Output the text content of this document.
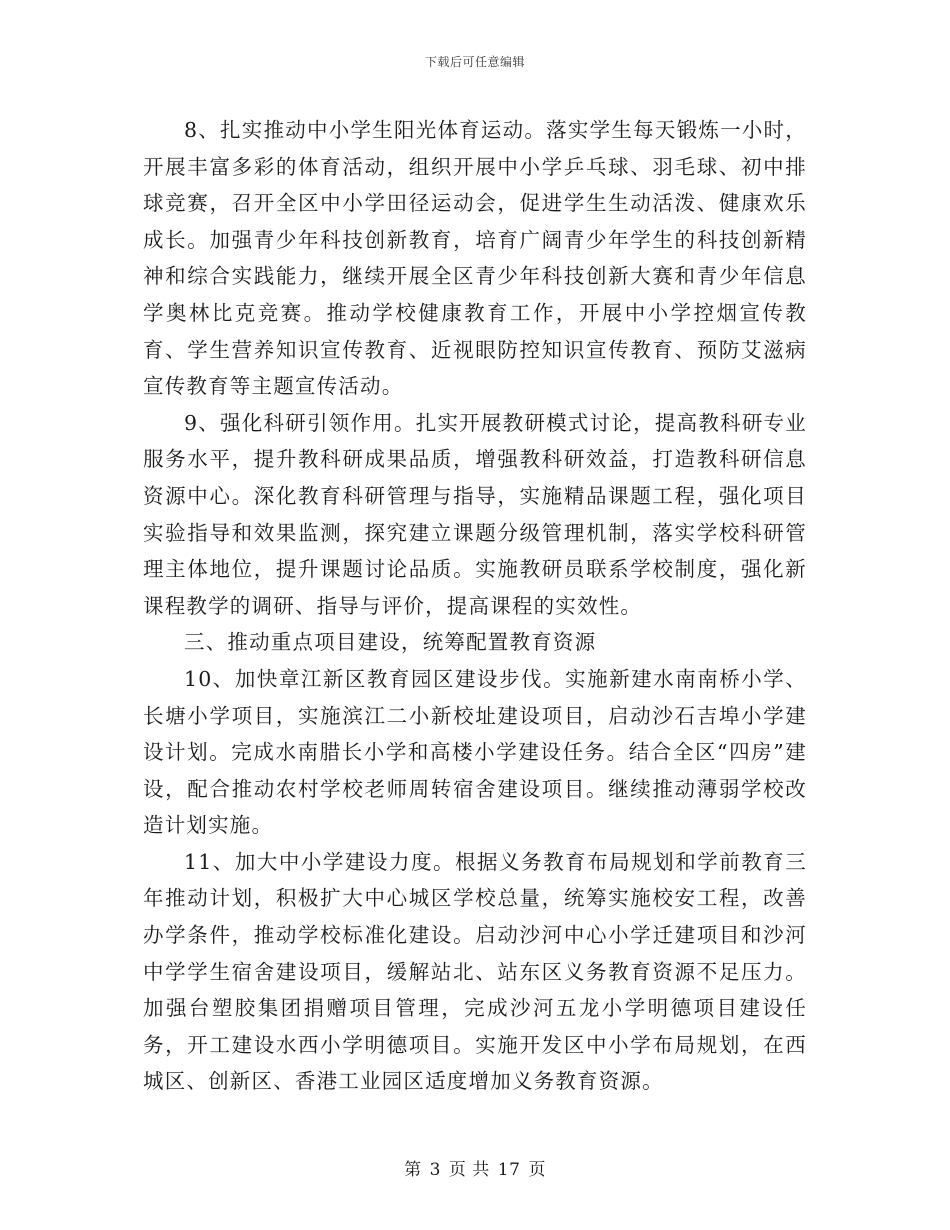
下载后可任意编辑

8、扎实推动中小学生阳光体育运动。落实学生每天锻炼一小时，开展丰富多彩的体育活动，组织开展中小学乒乓球、羽毛球、初中排球竞赛，召开全区中小学田径运动会，促进学生生动活泼、健康欢乐成长。加强青少年科技创新教育，培育广阔青少年学生的科技创新精神和综合实践能力，继续开展全区青少年科技创新大赛和青少年信息学奥林比克竞赛。推动学校健康教育工作，开展中小学控烟宣传教育、学生营养知识宣传教育、近视眼防控知识宣传教育、预防艾滋病宣传教育等主题宣传活动。

9、强化科研引领作用。扎实开展教研模式讨论，提高教科研专业服务水平，提升教科研成果品质，增强教科研效益，打造教科研信息资源中心。深化教育科研管理与指导，实施精品课题工程，强化项目实验指导和效果监测，探究建立课题分级管理机制，落实学校科研管理主体地位，提升课题讨论品质。实施教研员联系学校制度，强化新课程教学的调研、指导与评价，提高课程的实效性。

三、推动重点项目建设，统筹配置教育资源

10、加快章江新区教育园区建设步伐。实施新建水南南桥小学、长塘小学项目，实施滨江二小新校址建设项目，启动沙石吉埠小学建设计划。完成水南腊长小学和高楼小学建设任务。结合全区“四房”建设，配合推动农村学校老师周转宿舍建设项目。继续推动薄弱学校改造计划实施。

11、加大中小学建设力度。根据义务教育布局规划和学前教育三年推动计划，积极扩大中心城区学校总量，统筹实施校安工程，改善办学条件，推动学校标准化建设。启动沙河中心小学迁建项目和沙河中学学生宿舍建设项目，缓解站北、站东区义务教育资源不足压力。加强台塑胶集团捐赠项目管理，完成沙河五龙小学明德项目建设任务，开工建设水西小学明德项目。实施开发区中小学布局规划，在西城区、创新区、香港工业园区适度增加义务教育资源。

第 3 页 共 17 页
